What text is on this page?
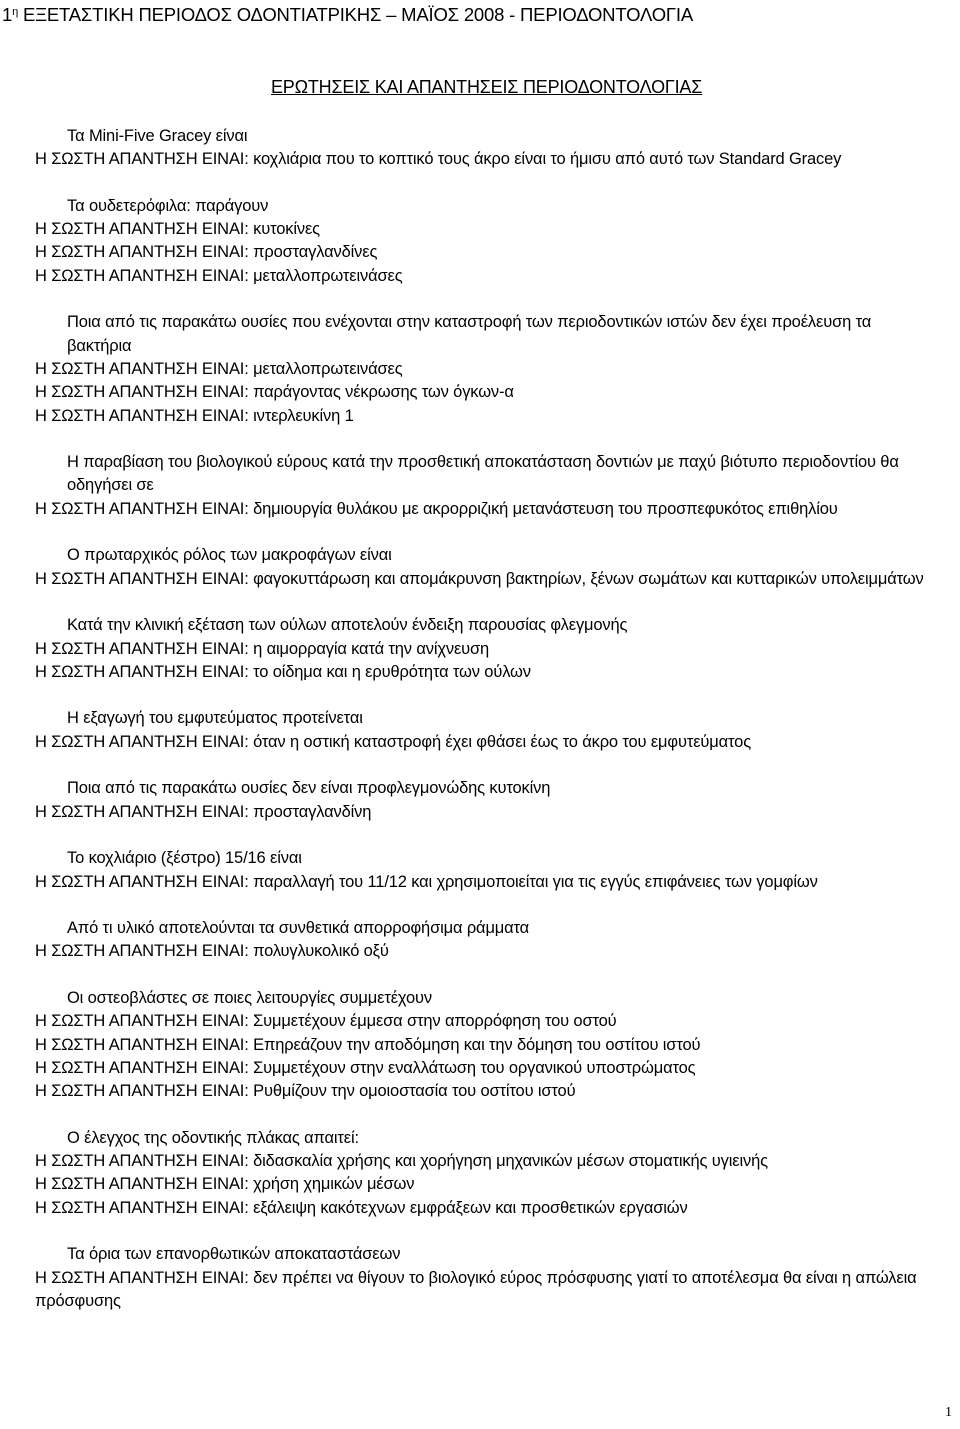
$1^\eta$ ΕΞΕΤΑΣΤΙΚΗ ΠΕΡΙΟΔΟΣ ΟΔΟΝΤΙΑΤΡΙΚΗΣ – ΜΑΪΟΣ 2008 - ΠΕΡΙΟΔΟΝΤΟΛΟΓΙΑ
ΕΡΩΤΗΣΕΙΣ ΚΑΙ ΑΠΑΝΤΗΣΕΙΣ ΠΕΡΙΟΔΟΝΤΟΛΟΓΙΑΣ
Τα Mini-Five Gracey είναι
Η ΣΩΣΤΗ ΑΠΑΝΤΗΣΗ ΕΙΝΑΙ: κοχλιάρια που το κοπτικό τους άκρο είναι το ήμισυ από αυτό των Standard Gracey
Τα ουδετερόφιλα: παράγουν
Η ΣΩΣΤΗ ΑΠΑΝΤΗΣΗ ΕΙΝΑΙ: κυτοκίνες
Η ΣΩΣΤΗ ΑΠΑΝΤΗΣΗ ΕΙΝΑΙ: προσταγλανδίνες
Η ΣΩΣΤΗ ΑΠΑΝΤΗΣΗ ΕΙΝΑΙ: μεταλλοπρωτεινάσες
Ποια από τις παρακάτω ουσίες που ενέχονται στην καταστροφή των περιοδοντικών ιστών δεν έχει προέλευση τα βακτήρια
Η ΣΩΣΤΗ ΑΠΑΝΤΗΣΗ ΕΙΝΑΙ: μεταλλοπρωτεινάσες
Η ΣΩΣΤΗ ΑΠΑΝΤΗΣΗ ΕΙΝΑΙ: παράγοντας νέκρωσης των όγκων-α
Η ΣΩΣΤΗ ΑΠΑΝΤΗΣΗ ΕΙΝΑΙ: ιντερλευκίνη 1
Η παραβίαση του βιολογικού εύρους κατά την προσθετική αποκατάσταση δοντιών με παχύ βιότυπο περιοδοντίου θα οδηγήσει σε
Η ΣΩΣΤΗ ΑΠΑΝΤΗΣΗ ΕΙΝΑΙ: δημιουργία θυλάκου με ακρορριζική μετανάστευση του προσπεφυκότος επιθηλίου
Ο πρωταρχικός ρόλος των μακροφάγων είναι
Η ΣΩΣΤΗ ΑΠΑΝΤΗΣΗ ΕΙΝΑΙ: φαγοκυττάρωση και απομάκρυνση βακτηρίων, ξένων σωμάτων και κυτταρικών υπολειμμάτων
Κατά την κλινική εξέταση των ούλων αποτελούν ένδειξη παρουσίας φλεγμονής
Η ΣΩΣΤΗ ΑΠΑΝΤΗΣΗ ΕΙΝΑΙ: η αιμορραγία κατά την ανίχνευση
Η ΣΩΣΤΗ ΑΠΑΝΤΗΣΗ ΕΙΝΑΙ: το οίδημα και η ερυθρότητα των ούλων
Η εξαγωγή του εμφυτεύματος προτείνεται
Η ΣΩΣΤΗ ΑΠΑΝΤΗΣΗ ΕΙΝΑΙ: όταν η οστική καταστροφή έχει φθάσει έως το άκρο του εμφυτεύματος
Ποια από τις παρακάτω ουσίες δεν είναι προφλεγμονώδης κυτοκίνη
Η ΣΩΣΤΗ ΑΠΑΝΤΗΣΗ ΕΙΝΑΙ: προσταγλανδίνη
Το κοχλιάριο (ξέστρο) 15/16 είναι
Η ΣΩΣΤΗ ΑΠΑΝΤΗΣΗ ΕΙΝΑΙ: παραλλαγή του 11/12 και χρησιμοποιείται για τις εγγύς επιφάνειες των γομφίων
Από τι υλικό αποτελούνται τα συνθετικά απορροφήσιμα ράμματα
Η ΣΩΣΤΗ ΑΠΑΝΤΗΣΗ ΕΙΝΑΙ: πολυγλυκολικό οξύ
Οι οστεοβλάστες σε ποιες λειτουργίες συμμετέχουν
Η ΣΩΣΤΗ ΑΠΑΝΤΗΣΗ ΕΙΝΑΙ: Συμμετέχουν έμμεσα στην απορρόφηση του οστού
Η ΣΩΣΤΗ ΑΠΑΝΤΗΣΗ ΕΙΝΑΙ: Επηρεάζουν την αποδόμηση και την δόμηση του οστίτου ιστού
Η ΣΩΣΤΗ ΑΠΑΝΤΗΣΗ ΕΙΝΑΙ: Συμμετέχουν στην εναλλάτωση του οργανικού υποστρώματος
Η ΣΩΣΤΗ ΑΠΑΝΤΗΣΗ ΕΙΝΑΙ: Ρυθμίζουν την ομοιοστασία του οστίτου ιστού
Ο έλεγχος της οδοντικής πλάκας απαιτεί:
Η ΣΩΣΤΗ ΑΠΑΝΤΗΣΗ ΕΙΝΑΙ: διδασκαλία χρήσης και χορήγηση μηχανικών μέσων στοματικής υγιεινής
Η ΣΩΣΤΗ ΑΠΑΝΤΗΣΗ ΕΙΝΑΙ: χρήση χημικών μέσων
Η ΣΩΣΤΗ ΑΠΑΝΤΗΣΗ ΕΙΝΑΙ: εξάλειψη κακότεχνων εμφράξεων και προσθετικών εργασιών
Τα όρια των επανορθωτικών αποκαταστάσεων
Η ΣΩΣΤΗ ΑΠΑΝΤΗΣΗ ΕΙΝΑΙ: δεν πρέπει να θίγουν το βιολογικό εύρος πρόσφυσης γιατί το αποτέλεσμα θα είναι η απώλεια πρόσφυσης
1
